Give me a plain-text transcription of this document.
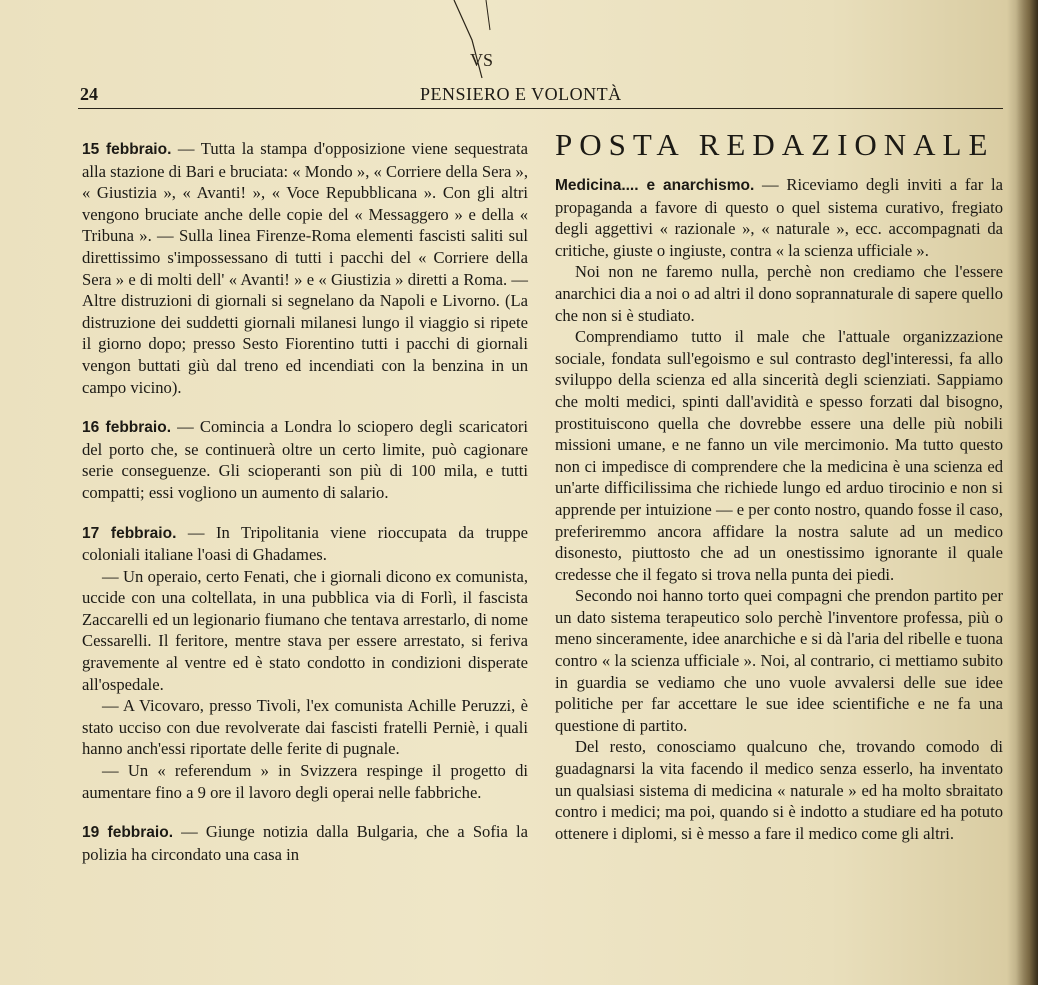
VS
24	PENSIERO E VOLONTÀ

15 febbraio. — Tutta la stampa d'opposizione viene sequestrata alla stazione di Bari e bruciata: « Mondo », « Corriere della Sera », « Giustizia », « Avanti! », « Voce Repubblicana ». Con gli altri vengono bruciate anche delle copie del « Messaggero » e della « Tribuna ». — Sulla linea Firenze-Roma elementi fascisti saliti sul direttissimo s'impossessano di tutti i pacchi del « Corriere della Sera » e di molti dell' « Avanti! » e « Giustizia » diretti a Roma. — Altre distruzioni di giornali si segnelano da Napoli e Livorno. (La distruzione dei suddetti giornali milanesi lungo il viaggio si ripete il giorno dopo; presso Sesto Fiorentino tutti i pacchi di giornali vengon buttati giù dal treno ed incendiati con la benzina in un campo vicino).

16 febbraio. — Comincia a Londra lo sciopero degli scaricatori del porto che, se continuerà oltre un certo limite, può cagionare serie conseguenze. Gli scioperanti son più di 100 mila, e tutti compatti; essi vogliono un aumento di salario.

17 febbraio. — In Tripolitania viene rioccupata da truppe coloniali italiane l'oasi di Ghadames.

— Un operaio, certo Fenati, che i giornali dicono ex comunista, uccide con una coltellata, in una pubblica via di Forlì, il fascista Zaccarelli ed un legionario fiumano che tentava arrestarlo, di nome Cessarelli. Il feritore, mentre stava per essere arrestato, si feriva gravemente al ventre ed è stato condotto in condizioni disperate all'ospedale.

— A Vicovaro, presso Tivoli, l'ex comunista Achille Peruzzi, è stato ucciso con due revolverate dai fascisti fratelli Perniè, i quali hanno anch'essi riportate delle ferite di pugnale.

— Un « referendum » in Svizzera respinge il progetto di aumentare fino a 9 ore il lavoro degli operai nelle fabbriche.

19 febbraio. — Giunge notizia dalla Bulgaria, che a Sofia la polizia ha circondato una casa in

POSTA REDAZIONALE

Medicina.... e anarchismo. — Riceviamo degli inviti a far la propaganda a favore di questo o quel sistema curativo, fregiato degli aggettivi « razionale », « naturale », ecc. accompagnati da critiche, giuste o ingiuste, contra « la scienza ufficiale ».

Noi non ne faremo nulla, perchè non crediamo che l'essere anarchici dia a noi o ad altri il dono soprannaturale di sapere quello che non si è studiato.

Comprendiamo tutto il male che l'attuale organizzazione sociale, fondata sull'egoismo e sul contrasto degl'interessi, fa allo sviluppo della scienza ed alla sincerità degli scienziati. Sappiamo che molti medici, spinti dall'avidità e spesso forzati dal bisogno, prostituiscono quella che dovrebbe essere una delle più nobili missioni umane, e ne fanno un vile mercimonio. Ma tutto questo non ci impedisce di comprendere che la medicina è una scienza ed un'arte difficilissima che richiede lungo ed arduo tirocinio e non si apprende per intuizione — e per conto nostro, quando fosse il caso, preferiremmo ancora affidare la nostra salute ad un medico disonesto, piuttosto che ad un onestissimo ignorante il quale credesse che il fegato si trova nella punta dei piedi.

Secondo noi hanno torto quei compagni che prendon partito per un dato sistema terapeutico solo perchè l'inventore professa, più o meno sinceramente, idee anarchiche e si dà l'aria del ribelle e tuona contro « la scienza ufficiale ». Noi, al contrario, ci mettiamo subito in guardia se vediamo che uno vuole avvalersi delle sue idee politiche per far accettare le sue idee scientifiche e ne fa una questione di partito.

Del resto, conosciamo qualcuno che, trovando comodo di guadagnarsi la vita facendo il medico senza esserlo, ha inventato un qualsiasi sistema di medicina « naturale » ed ha molto sbraitato contro i medici; ma poi, quando si è indotto a studiare ed ha potuto ottenere i diplomi, si è messo a fare il medico come gli altri.
